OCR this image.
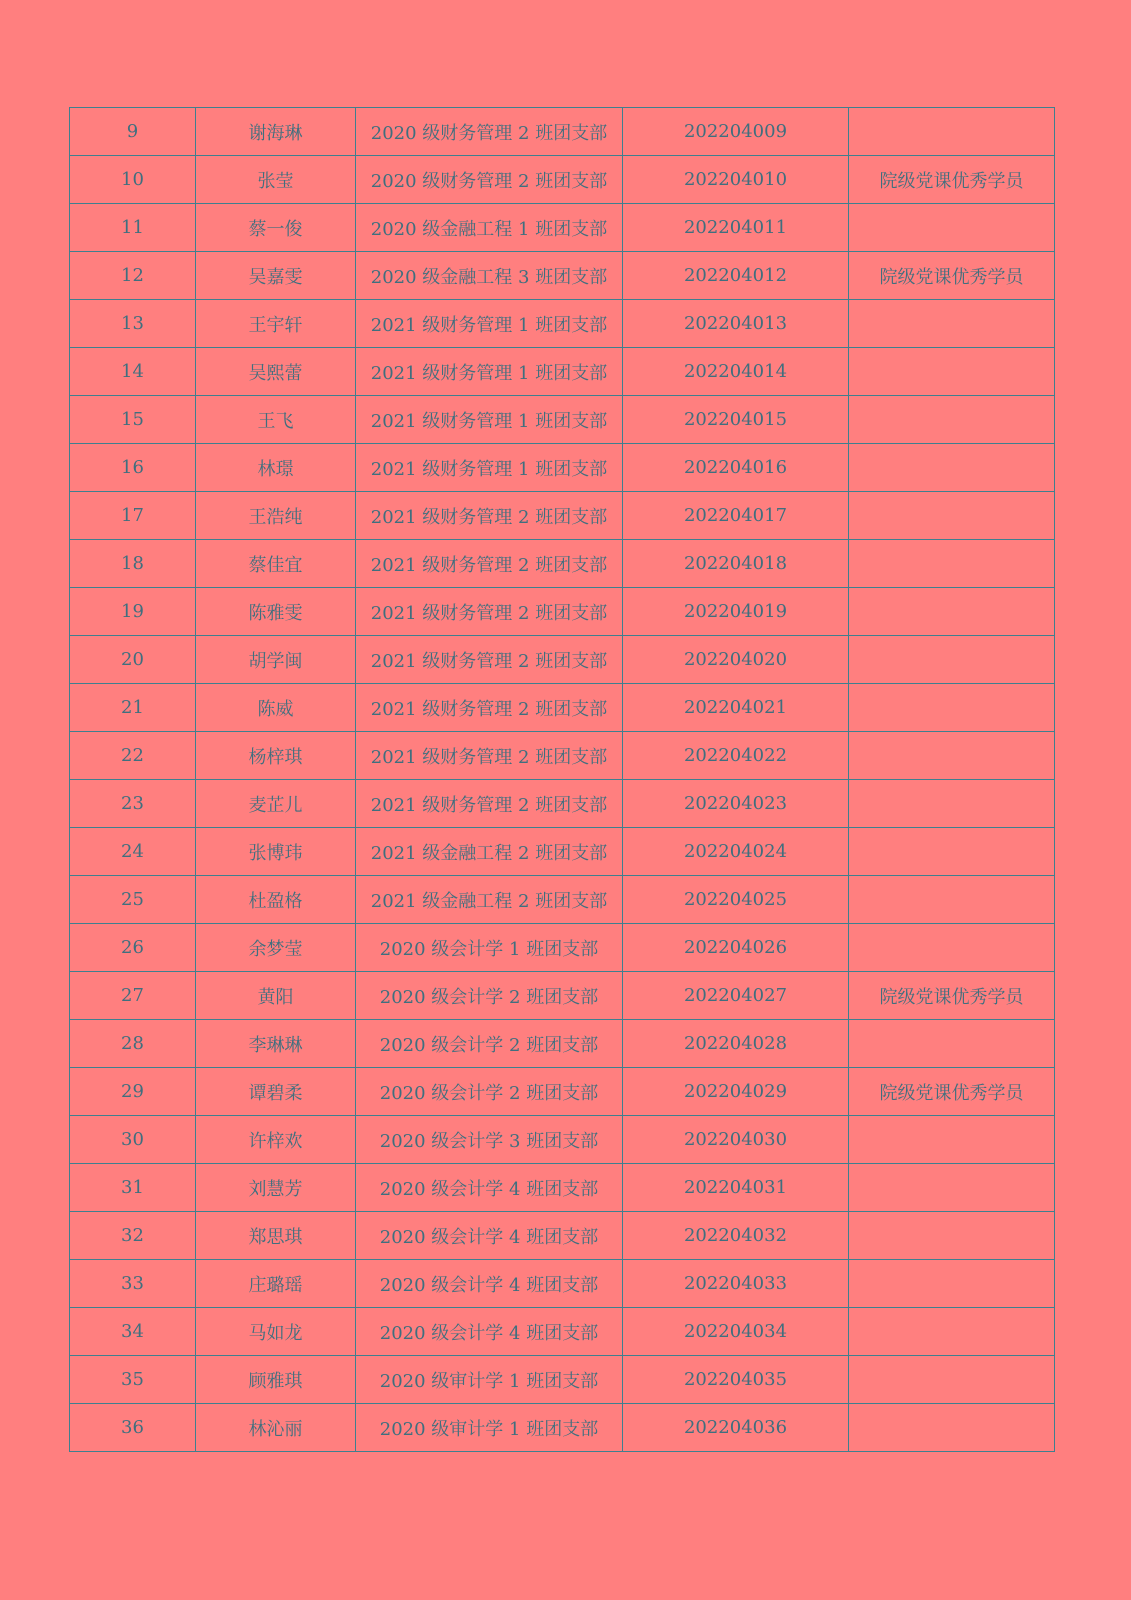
9	谢海琳	2020 级财务管理 2 班团支部	202204009	
10	张莹	2020 级财务管理 2 班团支部	202204010	院级党课优秀学员
11	蔡一俊	2020 级金融工程 1 班团支部	202204011	
12	吴嘉雯	2020 级金融工程 3 班团支部	202204012	院级党课优秀学员
13	王宇轩	2021 级财务管理 1 班团支部	202204013	
14	吴熙蕾	2021 级财务管理 1 班团支部	202204014	
15	王飞	2021 级财务管理 1 班团支部	202204015	
16	林璟	2021 级财务管理 1 班团支部	202204016	
17	王浩纯	2021 级财务管理 2 班团支部	202204017	
18	蔡佳宜	2021 级财务管理 2 班团支部	202204018	
19	陈雅雯	2021 级财务管理 2 班团支部	202204019	
20	胡学闽	2021 级财务管理 2 班团支部	202204020	
21	陈威	2021 级财务管理 2 班团支部	202204021	
22	杨梓琪	2021 级财务管理 2 班团支部	202204022	
23	麦芷儿	2021 级财务管理 2 班团支部	202204023	
24	张博玮	2021 级金融工程 2 班团支部	202204024	
25	杜盈格	2021 级金融工程 2 班团支部	202204025	
26	余梦莹	2020 级会计学 1 班团支部	202204026	
27	黄阳	2020 级会计学 2 班团支部	202204027	院级党课优秀学员
28	李琳琳	2020 级会计学 2 班团支部	202204028	
29	谭碧柔	2020 级会计学 2 班团支部	202204029	院级党课优秀学员
30	许梓欢	2020 级会计学 3 班团支部	202204030	
31	刘慧芳	2020 级会计学 4 班团支部	202204031	
32	郑思琪	2020 级会计学 4 班团支部	202204032	
33	庄璐瑶	2020 级会计学 4 班团支部	202204033	
34	马如龙	2020 级会计学 4 班团支部	202204034	
35	顾雅琪	2020 级审计学 1 班团支部	202204035	
36	林沁丽	2020 级审计学 1 班团支部	202204036	
